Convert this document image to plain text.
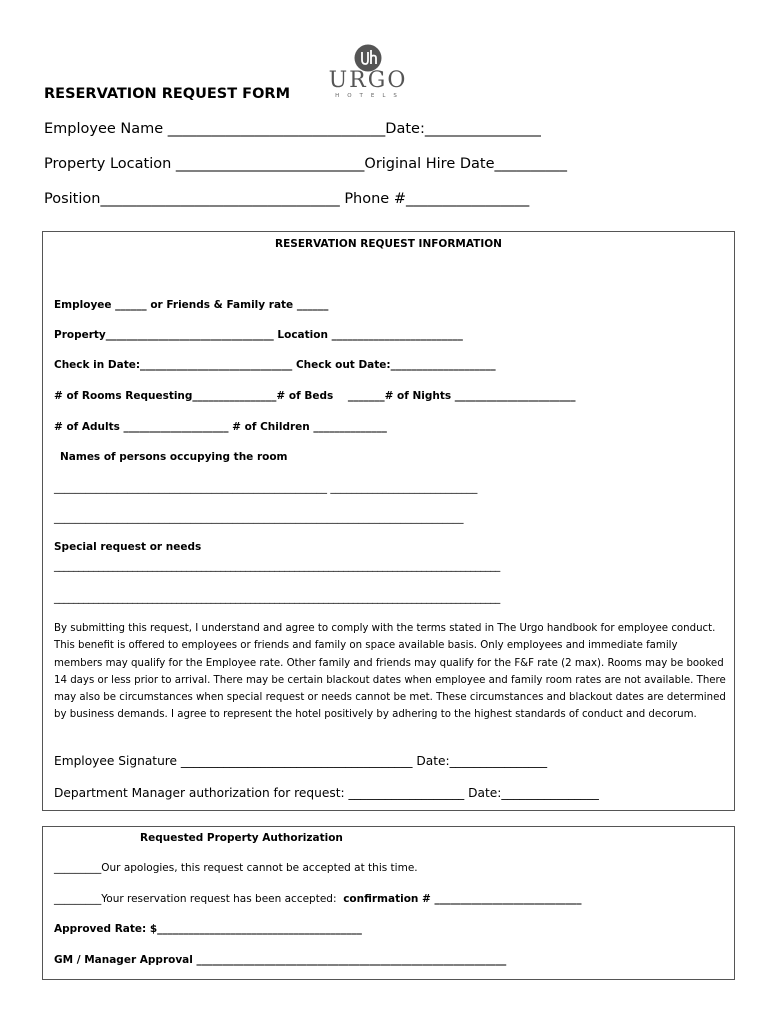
URGO
HOTELS
RESERVATION REQUEST FORM
Employee Name ______________________________Date:________________
Property Location __________________________Original Hire Date__________
Position_________________________________ Phone #_________________
RESERVATION REQUEST INFORMATION
Employee ______ or Friends & Family rate ______
Property________________________________ Location _________________________
Check in Date:_____________________________ Check out Date:____________________
# of Rooms Requesting________________# of Beds    _______# of Nights _______________________
# of Adults ____________________ # of Children ______________
Names of persons occupying the room
____________________________________________________ ____________________________
______________________________________________________________________________
Special request or needs
___________________________________________________________________________________________
___________________________________________________________________________________________

By submitting this request, I understand and agree to comply with the terms stated in The Urgo handbook for employee conduct. This benefit is offered to employees or friends and family on space available basis. Only employees and immediate family members may qualify for the Employee rate. Other family and friends may qualify for the F&F rate (2 max). Rooms may be booked 14 days or less prior to arrival. There may be certain blackout dates when employee and family room rates are not available. There may also be circumstances when special request or needs cannot be met. These circumstances and blackout dates are determined by business demands. I agree to represent the hotel positively by adhering to the highest standards of conduct and decorum.

Employee Signature ______________________________________ Date:________________
Department Manager authorization for request: ___________________ Date:________________
Requested Property Authorization
_________Our apologies, this request cannot be accepted at this time.
_________Your reservation request has been accepted:  confirmation # ____________________________
Approved Rate: $_______________________________________
GM / Manager Approval ___________________________________________________________
